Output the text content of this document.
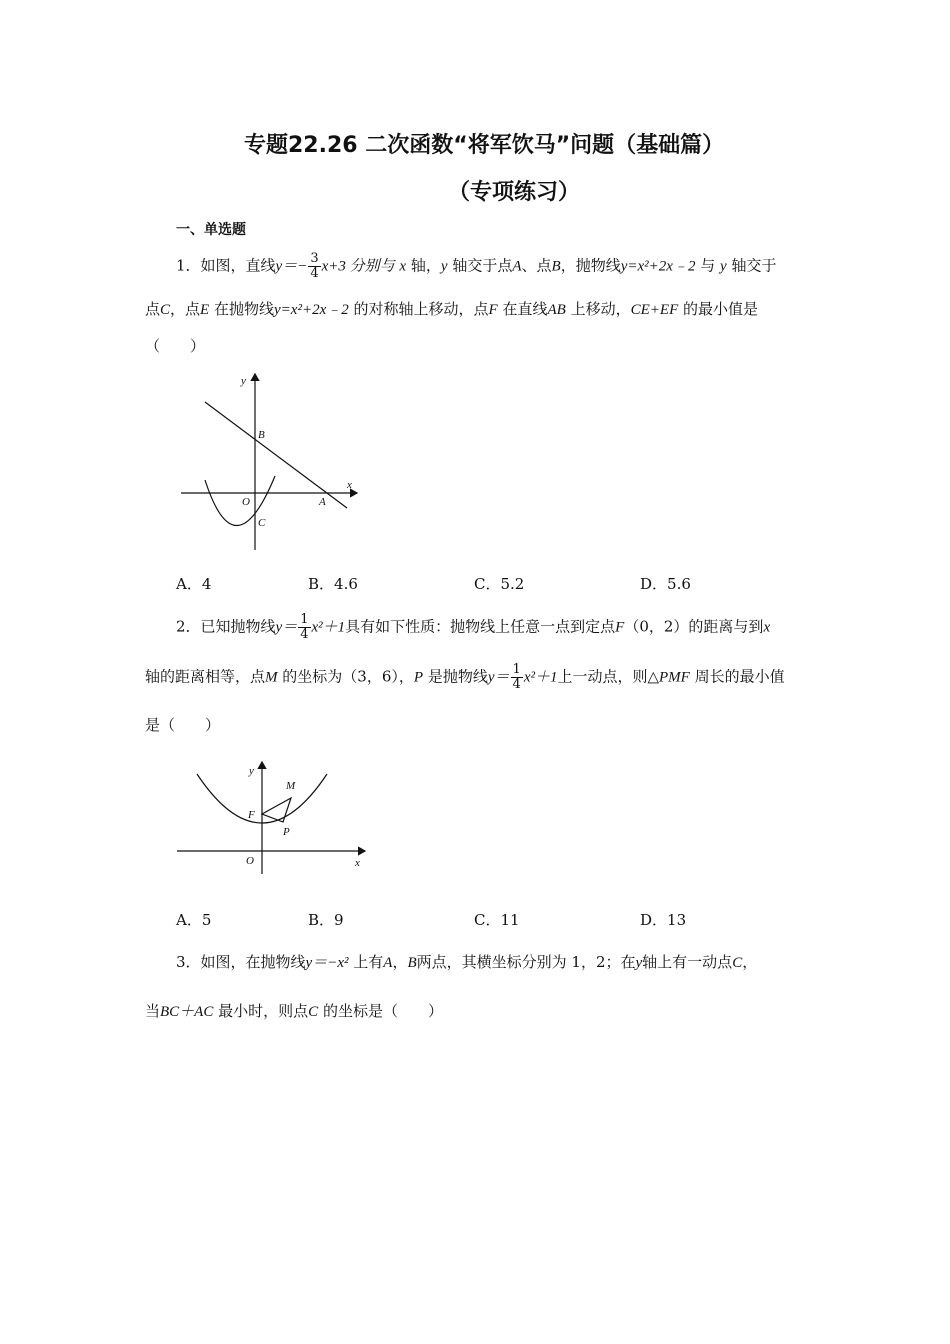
专题22.26 二次函数“将军饮马”问题（基础篇）
（专项练习）
一、单选题
1．如图，直线$y=- \frac{3}{4} x+3$ 分别与 x 轴，y 轴交于点A、点B，抛物线y=x²+2x﹣2 与 y 轴交于
点C，点E 在抛物线y=x²+2x﹣2 的对称轴上移动，点F 在直线AB 上移动，CE+EF 的最小值是
（　　）
y
B
x
O	A
C
A．4	B．4.6	C．5.2	D．5.6
2．已知抛物线$y= \frac{1}{4} x^2+1$具有如下性质：抛物线上任意一点到定点F（0，2）的距离与到x
轴的距离相等，点M 的坐标为（3，6），P 是抛物线$y= \frac{1}{4} x^2+1$上一动点，则△PMF 周长的最小值
是（　　）
y
M
F
P
O	x
A．5	B．9	C．11	D．13
3．如图，在抛物线y＝−x² 上有A，B两点，其横坐标分别为 1，2；在y轴上有一动点C，
当BC＋AC 最小时，则点C 的坐标是（　　）
